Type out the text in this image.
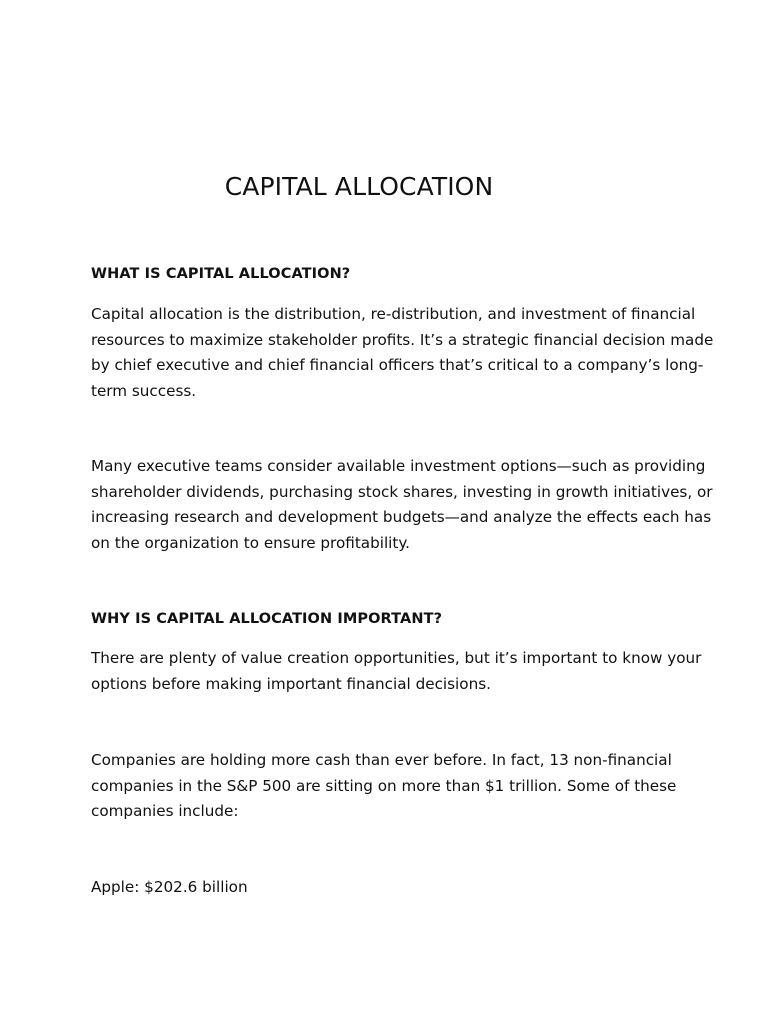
CAPITAL ALLOCATION
WHAT IS CAPITAL ALLOCATION?

Capital allocation is the distribution, re-distribution, and investment of financial
resources to maximize stakeholder profits. It’s a strategic financial decision made
by chief executive and chief financial officers that’s critical to a company’s long-
term success.

Many executive teams consider available investment options—such as providing
shareholder dividends, purchasing stock shares, investing in growth initiatives, or
increasing research and development budgets—and analyze the effects each has
on the organization to ensure profitability.

WHY IS CAPITAL ALLOCATION IMPORTANT?

There are plenty of value creation opportunities, but it’s important to know your
options before making important financial decisions.

Companies are holding more cash than ever before. In fact, 13 non-financial
companies in the S&P 500 are sitting on more than $1 trillion. Some of these
companies include:

Apple: $202.6 billion
